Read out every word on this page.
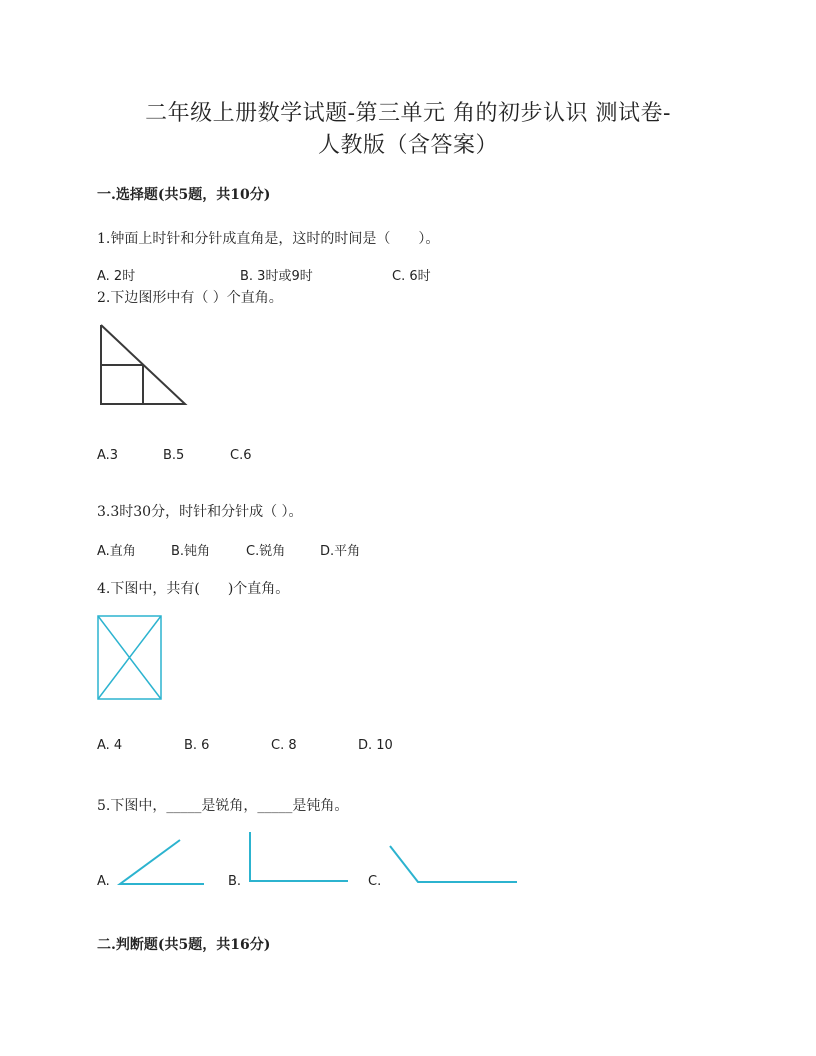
二年级上册数学试题-第三单元 角的初步认识 测试卷-
人教版（含答案）
一.选择题(共5题，共10分)
1.钟面上时针和分针成直角是，这时的时间是（　　）。
A. 2时	B. 3时或9时	C. 6时
2.下边图形中有（ ）个直角。
A.3	B.5	C.6
3.3时30分，时针和分针成（ ）。
A.直角	B.钝角	C.锐角	D.平角
4.下图中，共有(　　)个直角。
A. 4	B. 6	C. 8	D. 10
5.下图中，_____是锐角，_____是钝角。
A.	B.	C.
二.判断题(共5题，共16分)
